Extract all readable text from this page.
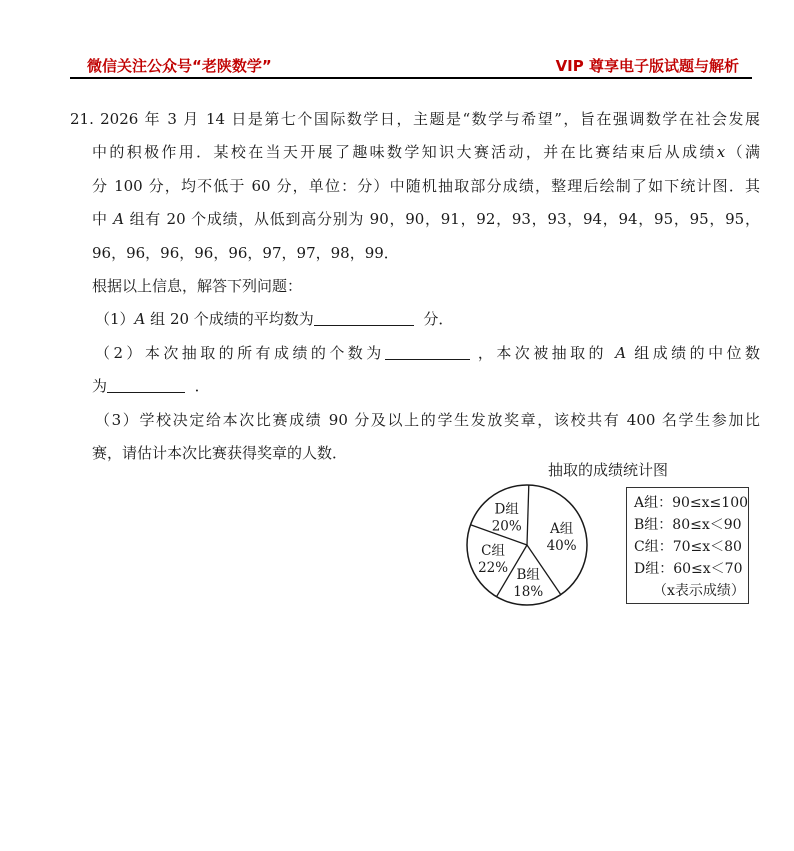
微信关注公众号“老陕数学”	VIP 尊享电子版试题与解析
21. 2026 年 3 月 14 日是第七个国际数学日，主题是“数学与希望”，旨在强调数学在社会发展
中的积极作用．某校在当天开展了趣味数学知识大赛活动，并在比赛结束后从成绩x（满
分 100 分，均不低于 60 分，单位：分）中随机抽取部分成绩，整理后绘制了如下统计图．其
中 A 组有 20 个成绩，从低到高分别为 90，90，91，92，93，93，94，94，95，95，95，
96，96，96，96，96，97，97，98，99．
根据以上信息，解答下列问题：
（1）A 组 20 个成绩的平均数为	分．
（2）本次抽取的所有成绩的个数为	，本次被抽取的 A 组成绩的中位数
为	．
（3）学校决定给本次比赛成绩 90 分及以上的学生发放奖章，该校共有 400 名学生参加比
赛，请估计本次比赛获得奖章的人数．
抽取的成绩统计图
A组
40%
B组
18%
C组
22%
D组
20%
A组：90≤x≤100
B组：80≤x＜90
C组：70≤x＜80
D组：60≤x＜70
（x表示成绩）
